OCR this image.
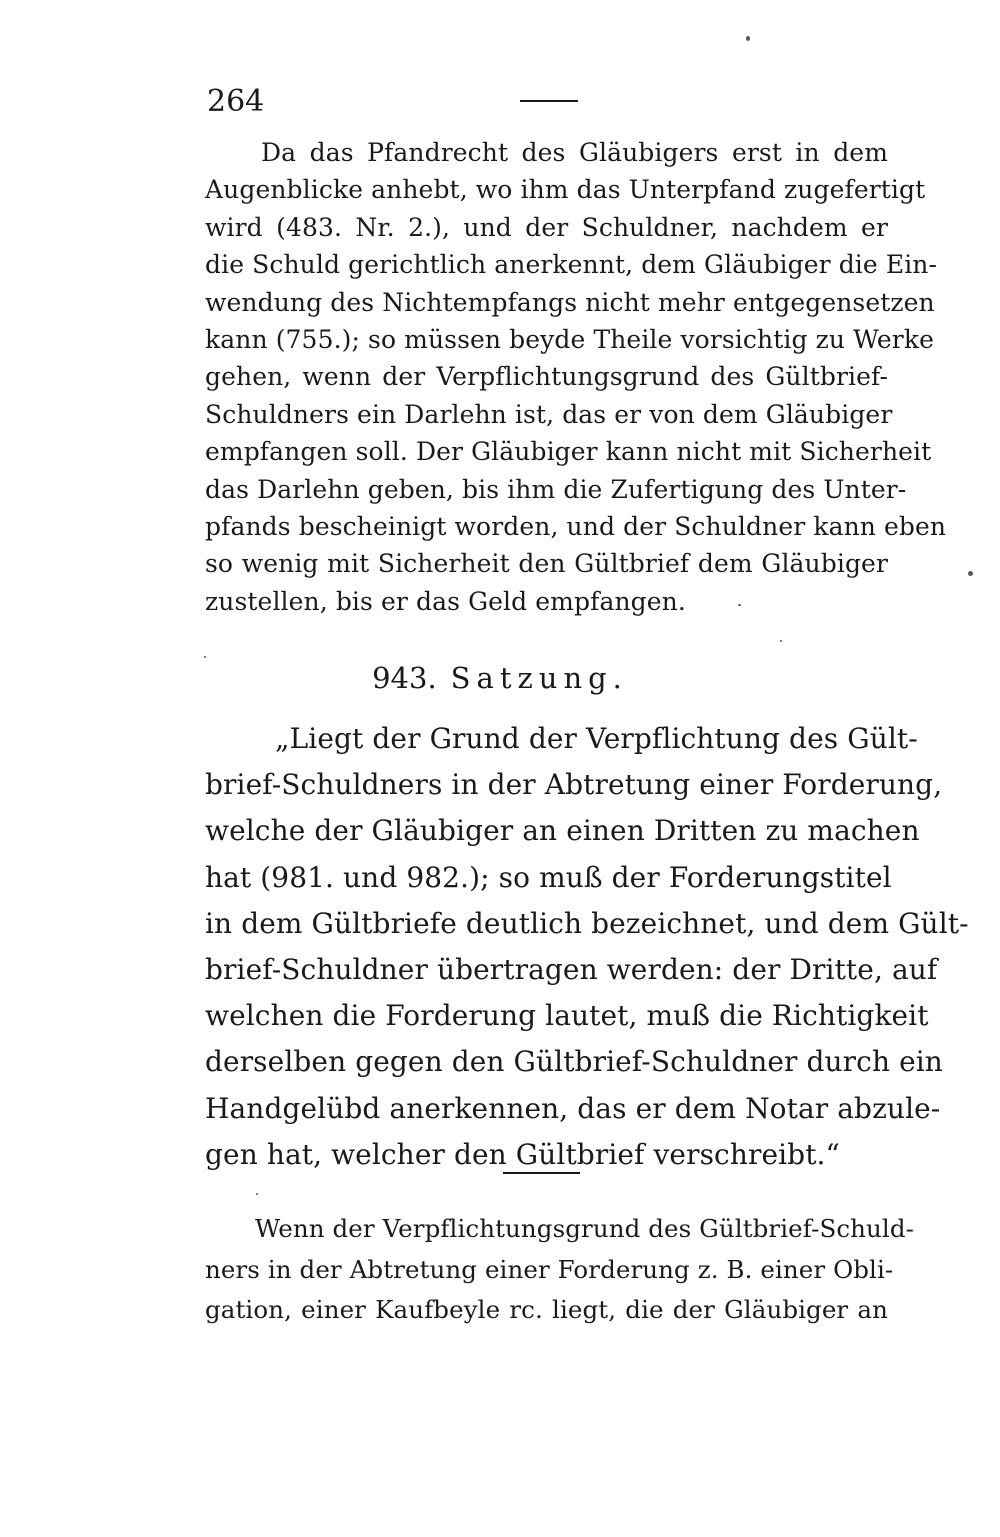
264
Da das Pfandrecht des Gläubigers erst in dem
Augenblicke anhebt, wo ihm das Unterpfand zugefertigt
wird (483. Nr. 2.), und der Schuldner, nachdem er
die Schuld gerichtlich anerkennt, dem Gläubiger die Ein-
wendung des Nichtempfangs nicht mehr entgegensetzen
kann (755.); so müssen beyde Theile vorsichtig zu Werke
gehen, wenn der Verpflichtungsgrund des Gültbrief-
Schuldners ein Darlehn ist, das er von dem Gläubiger
empfangen soll. Der Gläubiger kann nicht mit Sicherheit
das Darlehn geben, bis ihm die Zufertigung des Unter-
pfands bescheinigt worden, und der Schuldner kann eben
so wenig mit Sicherheit den Gültbrief dem Gläubiger
zustellen, bis er das Geld empfangen.
943. Satzung.
„Liegt der Grund der Verpflichtung des Gült-
brief-Schuldners in der Abtretung einer Forderung,
welche der Gläubiger an einen Dritten zu machen
hat (981. und 982.); so muß der Forderungstitel
in dem Gültbriefe deutlich bezeichnet, und dem Gült-
brief-Schuldner übertragen werden: der Dritte, auf
welchen die Forderung lautet, muß die Richtigkeit
derselben gegen den Gültbrief-Schuldner durch ein
Handgelübd anerkennen, das er dem Notar abzule-
gen hat, welcher den Gültbrief verschreibt.“
Wenn der Verpflichtungsgrund des Gültbrief-Schuld-
ners in der Abtretung einer Forderung z. B. einer Obli-
gation, einer Kaufbeyle rc. liegt, die der Gläubiger an
